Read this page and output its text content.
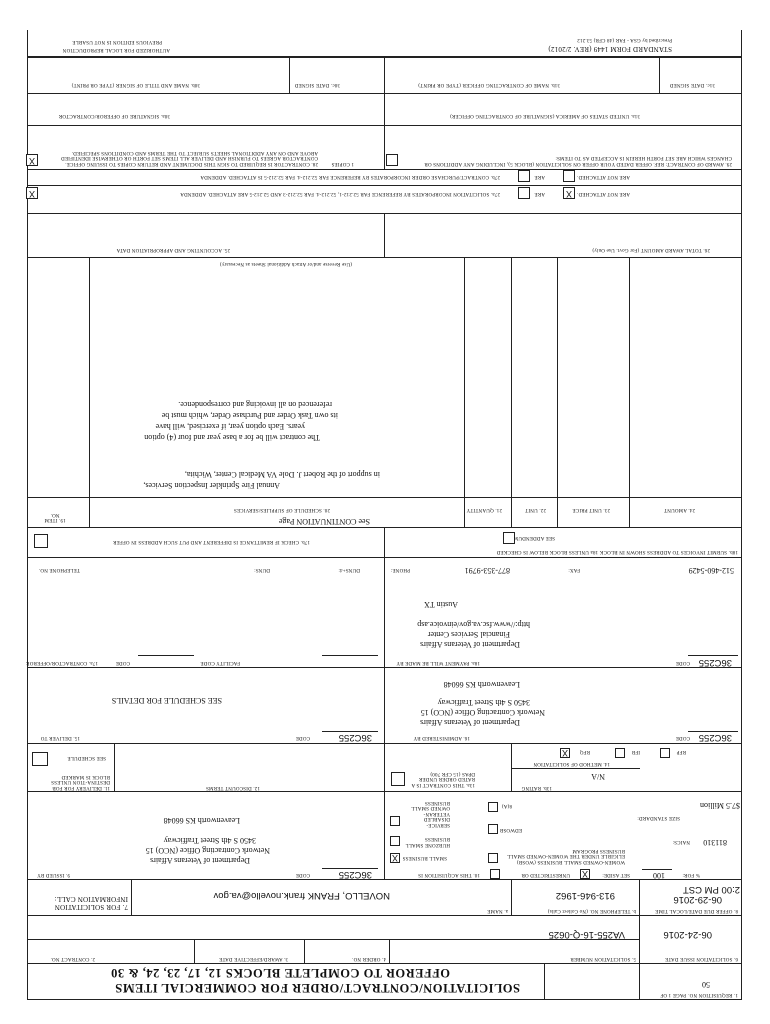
1. REQUISITION NO.
SOLICITATION/CONTRACT/ORDER FOR COMMERCIAL ITEMS
OFFEROR TO COMPLETE BLOCKS 12, 17, 23, 24, & 30
50
PAGE 1 OF
6. SOLICITATION ISSUE DATE
06-24-2016
5. SOLICITATION NUMBER
VA255-16-Q-0625
4. ORDER NO.
3. AWARD/EFFECTIVE DATE
2. CONTRACT NO.
8. OFFER DUE DATE/LOCAL TIME
06-29-2016
2:00 PM CST
b. TELEPHONE NO. (No Collect Calls)
913-946-1962
a. NAME
NOVELLO, FRANK frank.novello@va.gov
7. FOR SOLICITATION INFORMATION CALL:
9. ISSUED BY	CODE	36C255
Department of Veterans Affairs
Network Contracting Office (NCO) 15
3450 S 4th Street Trafficway
Leavenworth KS 66048
10. THIS ACQUISITION IS	UNRESTRICTED OR X	SET ASIDE:	100	% FOR:
X SMALL BUSINESS
WOMEN-OWNED SMALL BUSINESS (WOSB) ELIGIBLE UNDER THE WOMEN-OWNED SMALL BUSINESS PROGRAM
HUBZONE SMALL BUSINESS
EDWOSB
NAICS: 811310
SERVICE-DISABLED VETERAN-OWNED SMALL BUSINESS
8(A)
SIZE STANDARD:
$7.5 Million
11. DELIVERY FOR FOB DESTINA-TION UNLESS BLOCK IS MARKED
SEE SCHEDULE
12. DISCOUNT TERMS
13a. THIS CONTRACT IS A RATED ORDER UNDER DPAS (15 CFR 700)
13b. RATING
N/A
14. METHOD OF SOLICITATION
X	RFQ	IFB	RFP
15. DELIVER TO	CODE	36C255
SEE SCHEDULE FOR DETAILS
16. ADMINISTERED BY	CODE 36C255
Department of Veterans Affairs
Network Contracting Office (NCO) 15
3450 S 4th Street Trafficway
Leavenworth KS 66048
17a. CONTRACTOR/OFFEROR	CODE	FACILITY CODE	18a. PAYMENT WILL BE MADE BY	CODE 36C255
Department of Veterans Affairs
Financial Services Center
http://www.fsc.va.gov/einvoice.asp
Austin TX
TELEPHONE NO.	DUNS:	DUNS+4:	PHONE:	877-353-9791	FAX:	512-460-5429
17b. CHECK IF REMITTANCE IS DIFFERENT AND PUT SUCH ADDRESS IN OFFER
18b. SUBMIT INVOICES TO ADDRESS SHOWN IN BLOCK 18a UNLESS BLOCK BELOW IS CHECKED
SEE ADDENDUM
19. ITEM NO.
20. SCHEDULE OF SUPPLIES/SERVICES
See CONTINUATION Page
21. QUANTITY	22. UNIT	23. UNIT PRICE	24. AMOUNT
Annual Fire Sprinkler Inspection Services,
in support of the Robert J. Dole VA Medical Center, Wichita,
The contract will be for a base year and four (4) option
years. Each option year, if exercised, will have
its own Task Order and Purchase Order, which must be
referenced on all invoicing and correspondence.
(Use Reverse and/or Attach Additional Sheets as Necessary)
25. ACCOUNTING AND APPROPRIATION DATA	26. TOTAL AWARD AMOUNT (For Govt. Use Only)
X	27a. SOLICITATION INCORPORATES BY REFERENCE FAR 52.212-1, 52.212-4. FAR 52.212-3 AND 52.212-5 ARE ATTACHED. ADDENDA	ARE	X ARE NOT ATTACHED.
27b. CONTRACT/PURCHASE ORDER INCORPORATES BY REFERENCE FAR 52.212-4. FAR 52.212-5 IS ATTACHED. ADDENDA	ARE	ARE NOT ATTACHED.
X	28. CONTRACTOR IS REQUIRED TO SIGN THIS DOCUMENT AND RETURN COPIES TO ISSUING OFFICE. CONTRACTOR AGREES TO FURNISH AND DELIVER ALL ITEMS SET FORTH OR OTHERWISE IDENTIFIED ABOVE AND ON ANY ADDITIONAL SHEETS SUBJECT TO THE TERMS AND CONDITIONS SPECIFIED.
1 COPIES	29. AWARD OF CONTRACT: REF. OFFER DATED YOUR OFFER ON SOLICITATION (BLOCK 5), INCLUDING ANY ADDITIONS OR CHANGES WHICH ARE SET FORTH HEREIN IS ACCEPTED AS TO ITEMS:
30a. SIGNATURE OF OFFEROR/CONTRACTOR	31a. UNITED STATES OF AMERICA (SIGNATURE OF CONTRACTING OFFICER)
30b. NAME AND TITLE OF SIGNER (TYPE OR PRINT)	30c. DATE SIGNED	31b. NAME OF CONTRACTING OFFICER (TYPE OR PRINT)	31c. DATE SIGNED
AUTHORIZED FOR LOCAL REPRODUCTION
PREVIOUS EDITION IS NOT USABLE
STANDARD FORM 1449 (REV. 2/2012)
Prescribed by GSA - FAR (48 CFR) 53.212
